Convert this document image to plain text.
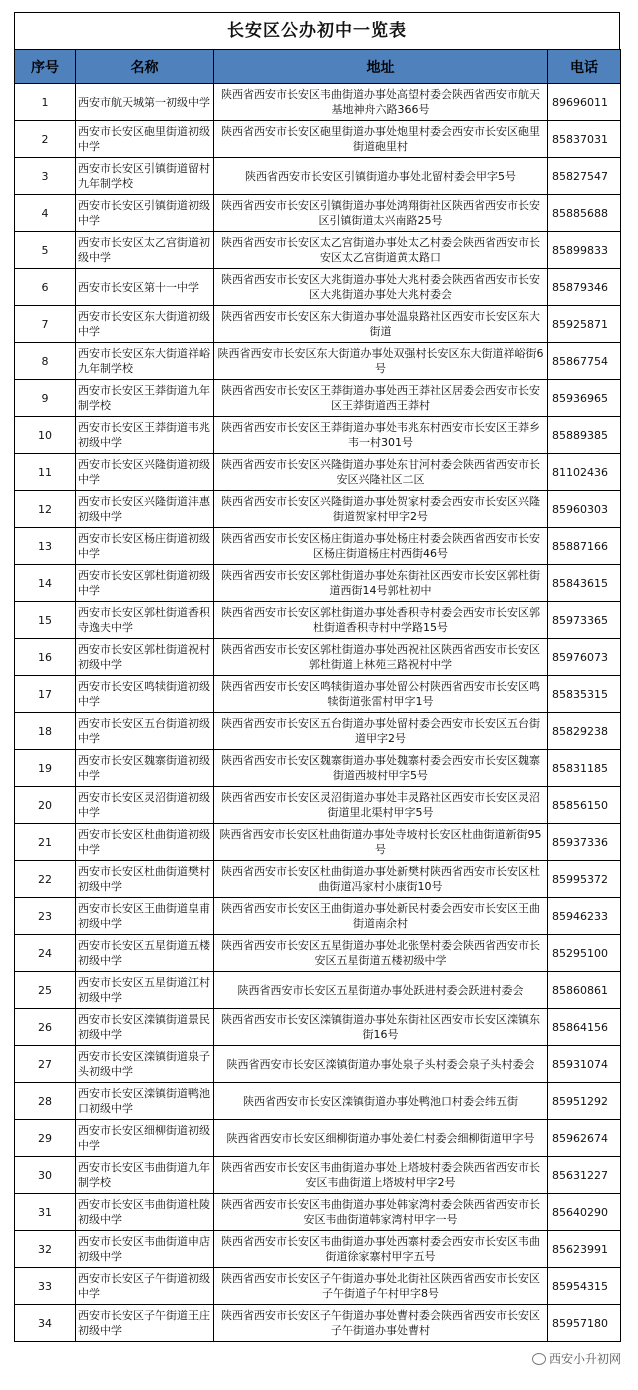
长安区公办初中一览表
序号	名称	地址	电话
1	西安市航天城第一初级中学	陕西省西安市长安区韦曲街道办事处高望村委会陕西省西安市航天基地神舟六路366号	89696011
2	西安市长安区砲里街道初级中学	陕西省西安市长安区砲里街道办事处炮里村委会西安市长安区砲里街道砲里村	85837031
3	西安市长安区引镇街道留村九年制学校	陕西省西安市长安区引镇街道办事处北留村委会甲字5号	85827547
4	西安市长安区引镇街道初级中学	陕西省西安市长安区引镇街道办事处鸿翔街社区陕西省西安市长安区引镇街道太兴南路25号	85885688
5	西安市长安区太乙宫街道初级中学	陕西省西安市长安区太乙宫街道办事处太乙村委会陕西省西安市长安区太乙宫街道黄太路口	85899833
6	西安市长安区第十一中学	陕西省西安市长安区大兆街道办事处大兆村委会陕西省西安市长安区大兆街道办事处大兆村委会	85879346
7	西安市长安区东大街道初级中学	陕西省西安市长安区东大街道办事处温泉路社区西安市长安区东大街道	85925871
8	西安市长安区东大街道祥峪九年制学校	陕西省西安市长安区东大街道办事处双强村长安区东大街道祥峪街6号	85867754
9	西安市长安区王莽街道九年制学校	陕西省西安市长安区王莽街道办事处西王莽社区居委会西安市长安区王莽街道西王莽村	85936965
10	西安市长安区王莽街道韦兆初级中学	陕西省西安市长安区王莽街道办事处韦兆东村西安市长安区王莽乡韦一村301号	85889385
11	西安市长安区兴隆街道初级中学	陕西省西安市长安区兴隆街道办事处东甘河村委会陕西省西安市长安区兴隆社区二区	81102436
12	西安市长安区兴隆街道沣惠初级中学	陕西省西安市长安区兴隆街道办事处贺家村委会西安市长安区兴隆街道贺家村甲字2号	85960303
13	西安市长安区杨庄街道初级中学	陕西省西安市长安区杨庄街道办事处杨庄村委会陕西省西安市长安区杨庄街道杨庄村西街46号	85887166
14	西安市长安区郭杜街道初级中学	陕西省西安市长安区郭杜街道办事处东街社区西安市长安区郭杜街道西街14号郭杜初中	85843615
15	西安市长安区郭杜街道香积寺逸夫中学	陕西省西安市长安区郭杜街道办事处香积寺村委会西安市长安区郭杜街道香积寺村中学路15号	85973365
16	西安市长安区郭杜街道祝村初级中学	陕西省西安市长安区郭杜街道办事处西祝社区陕西省西安市长安区郭杜街道上林苑三路祝村中学	85976073
17	西安市长安区鸣犊街道初级中学	陕西省西安市长安区鸣犊街道办事处留公村陕西省西安市长安区鸣犊街道张雷村甲字1号	85835315
18	西安市长安区五台街道初级中学	陕西省西安市长安区五台街道办事处留村委会西安市长安区五台街道甲字2号	85829238
19	西安市长安区魏寨街道初级中学	陕西省西安市长安区魏寨街道办事处魏寨村委会西安市长安区魏寨街道西坡村甲字5号	85831185
20	西安市长安区灵沼街道初级中学	陕西省西安市长安区灵沼街道办事处丰灵路社区西安市长安区灵沼街道里北渠村甲字5号	85856150
21	西安市长安区杜曲街道初级中学	陕西省西安市长安区杜曲街道办事处寺坡村长安区杜曲街道新街95号	85937336
22	西安市长安区杜曲街道樊村初级中学	陕西省西安市长安区杜曲街道办事处新樊村陕西省西安市长安区杜曲街道冯家村小康街10号	85995372
23	西安市长安区王曲街道皇甫初级中学	陕西省西安市长安区王曲街道办事处新民村委会西安市长安区王曲街道南余村	85946233
24	西安市长安区五星街道五楼初级中学	陕西省西安市长安区五星街道办事处北张堡村委会陕西省西安市长安区五星街道五楼初级中学	85295100
25	西安市长安区五星街道江村初级中学	陕西省西安市长安区五星街道办事处跃进村委会跃进村委会	85860861
26	西安市长安区滦镇街道景民初级中学	陕西省西安市长安区滦镇街道办事处东街社区西安市长安区滦镇东街16号	85864156
27	西安市长安区滦镇街道泉子头初级中学	陕西省西安市长安区滦镇街道办事处泉子头村委会泉子头村委会	85931074
28	西安市长安区滦镇街道鸭池口初级中学	陕西省西安市长安区滦镇街道办事处鸭池口村委会纬五街	85951292
29	西安市长安区细柳街道初级中学	陕西省西安市长安区细柳街道办事处姜仁村委会细柳街道甲字号	85962674
30	西安市长安区韦曲街道九年制学校	陕西省西安市长安区韦曲街道办事处上塔坡村委会陕西省西安市长安区韦曲街道上塔坡村甲字2号	85631227
31	西安市长安区韦曲街道杜陵初级中学	陕西省西安市长安区韦曲街道办事处韩家湾村委会陕西省西安市长安区韦曲街道韩家湾村甲字一号	85640290
32	西安市长安区韦曲街道申店初级中学	陕西省西安市长安区韦曲街道办事处西寨村委会西安市长安区韦曲街道徐家寨村甲字五号	85623991
33	西安市长安区子午街道初级中学	陕西省西安市长安区子午街道办事处北街社区陕西省西安市长安区子午街道子午村甲字8号	85954315
34	西安市长安区子午街道王庄初级中学	陕西省西安市长安区子午街道办事处曹村委会陕西省西安市长安区子午街道办事处曹村	85957180
西安小升初网
